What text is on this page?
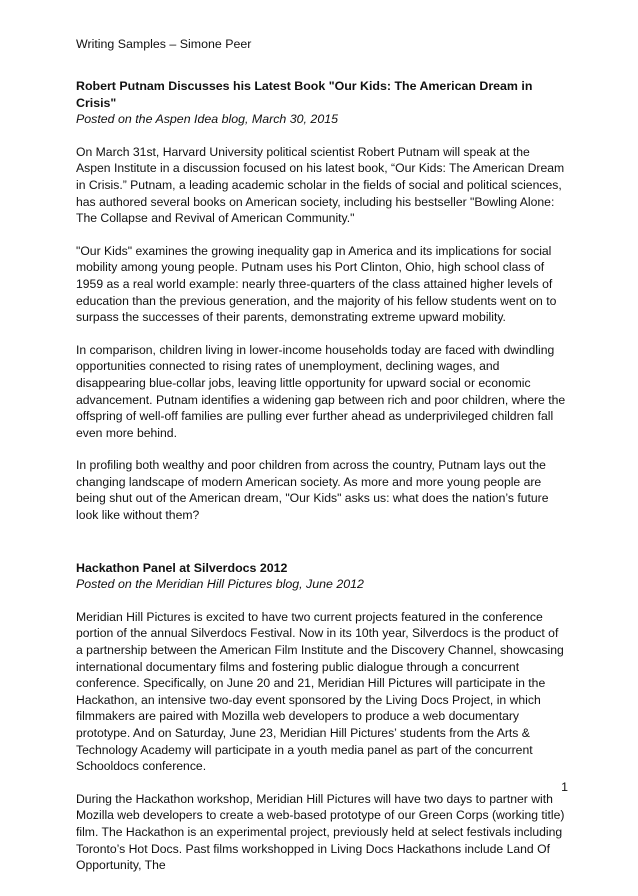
Writing Samples – Simone Peer

Robert Putnam Discusses his Latest Book "Our Kids: The American Dream in Crisis"

Posted on the Aspen Idea blog, March 30, 2015

On March 31st, Harvard University political scientist Robert Putnam will speak at the Aspen Institute in a discussion focused on his latest book, “Our Kids: The American Dream in Crisis.” Putnam, a leading academic scholar in the fields of social and political sciences, has authored several books on American society, including his bestseller "Bowling Alone: The Collapse and Revival of American Community."

"Our Kids" examines the growing inequality gap in America and its implications for social mobility among young people. Putnam uses his Port Clinton, Ohio, high school class of 1959 as a real world example: nearly three-quarters of the class attained higher levels of education than the previous generation, and the majority of his fellow students went on to surpass the successes of their parents, demonstrating extreme upward mobility.

In comparison, children living in lower-income households today are faced with dwindling opportunities connected to rising rates of unemployment, declining wages, and disappearing blue-collar jobs, leaving little opportunity for upward social or economic advancement. Putnam identifies a widening gap between rich and poor children, where the offspring of well-off families are pulling ever further ahead as underprivileged children fall even more behind.

In profiling both wealthy and poor children from across the country, Putnam lays out the changing landscape of modern American society. As more and more young people are being shut out of the American dream, "Our Kids" asks us: what does the nation’s future look like without them?

Hackathon Panel at Silverdocs 2012

Posted on the Meridian Hill Pictures blog, June 2012

Meridian Hill Pictures is excited to have two current projects featured in the conference portion of the annual Silverdocs Festival. Now in its 10th year, Silverdocs is the product of a partnership between the American Film Institute and the Discovery Channel, showcasing international documentary films and fostering public dialogue through a concurrent conference. Specifically, on June 20 and 21, Meridian Hill Pictures will participate in the Hackathon, an intensive two-day event sponsored by the Living Docs Project, in which filmmakers are paired with Mozilla web developers to produce a web documentary prototype. And on Saturday, June 23, Meridian Hill Pictures’ students from the Arts & Technology Academy will participate in a youth media panel as part of the concurrent Schooldocs conference.

During the Hackathon workshop, Meridian Hill Pictures will have two days to partner with Mozilla web developers to create a web-based prototype of our Green Corps (working title) film. The Hackathon is an experimental project, previously held at select festivals including Toronto’s Hot Docs. Past films workshopped in Living Docs Hackathons include Land Of Opportunity, The

1
